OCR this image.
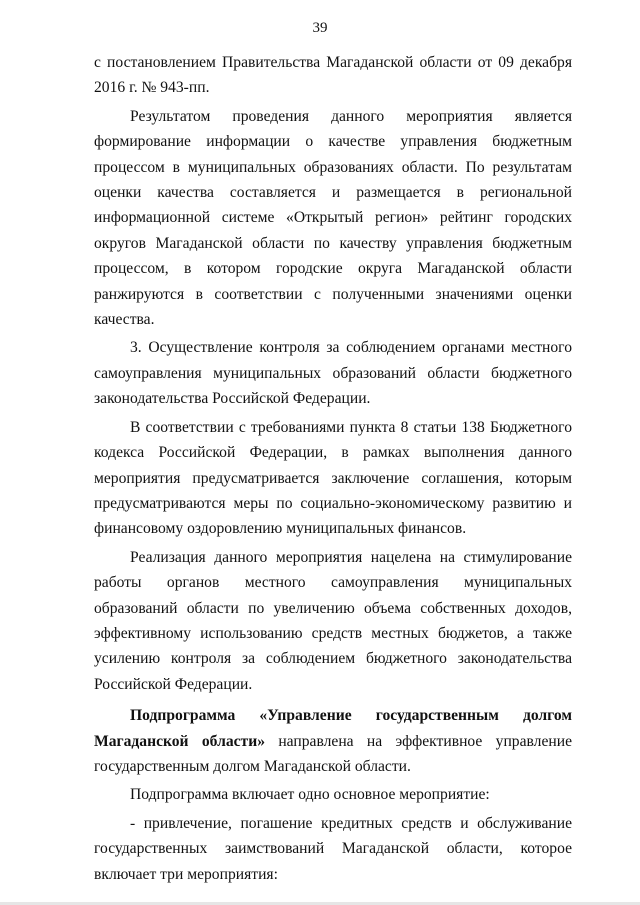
39

с постановлением Правительства Магаданской области от 09 декабря 2016 г. № 943-пп.

Результатом проведения данного мероприятия является формирование информации о качестве управления бюджетным процессом в муниципальных образованиях области. По результатам оценки качества составляется и размещается в региональной информационной системе «Открытый регион» рейтинг городских округов Магаданской области по качеству управления бюджетным процессом, в котором городские округа Магаданской области ранжируются в соответствии с полученными значениями оценки качества.

3. Осуществление контроля за соблюдением органами местного самоуправления муниципальных образований области бюджетного законодательства Российской Федерации.

В соответствии с требованиями пункта 8 статьи 138 Бюджетного кодекса Российской Федерации, в рамках выполнения данного мероприятия предусматривается заключение соглашения, которым предусматриваются меры по социально-экономическому развитию и финансовому оздоровлению муниципальных финансов.

Реализация данного мероприятия нацелена на стимулирование работы органов местного самоуправления муниципальных образований области по увеличению объема собственных доходов, эффективному использованию средств местных бюджетов, а также усилению контроля за соблюдением бюджетного законодательства Российской Федерации.

Подпрограмма «Управление государственным долгом Магаданской области» направлена на эффективное управление государственным долгом Магаданской области.

Подпрограмма включает одно основное мероприятие:

- привлечение, погашение кредитных средств и обслуживание государственных заимствований Магаданской области, которое включает три мероприятия:
